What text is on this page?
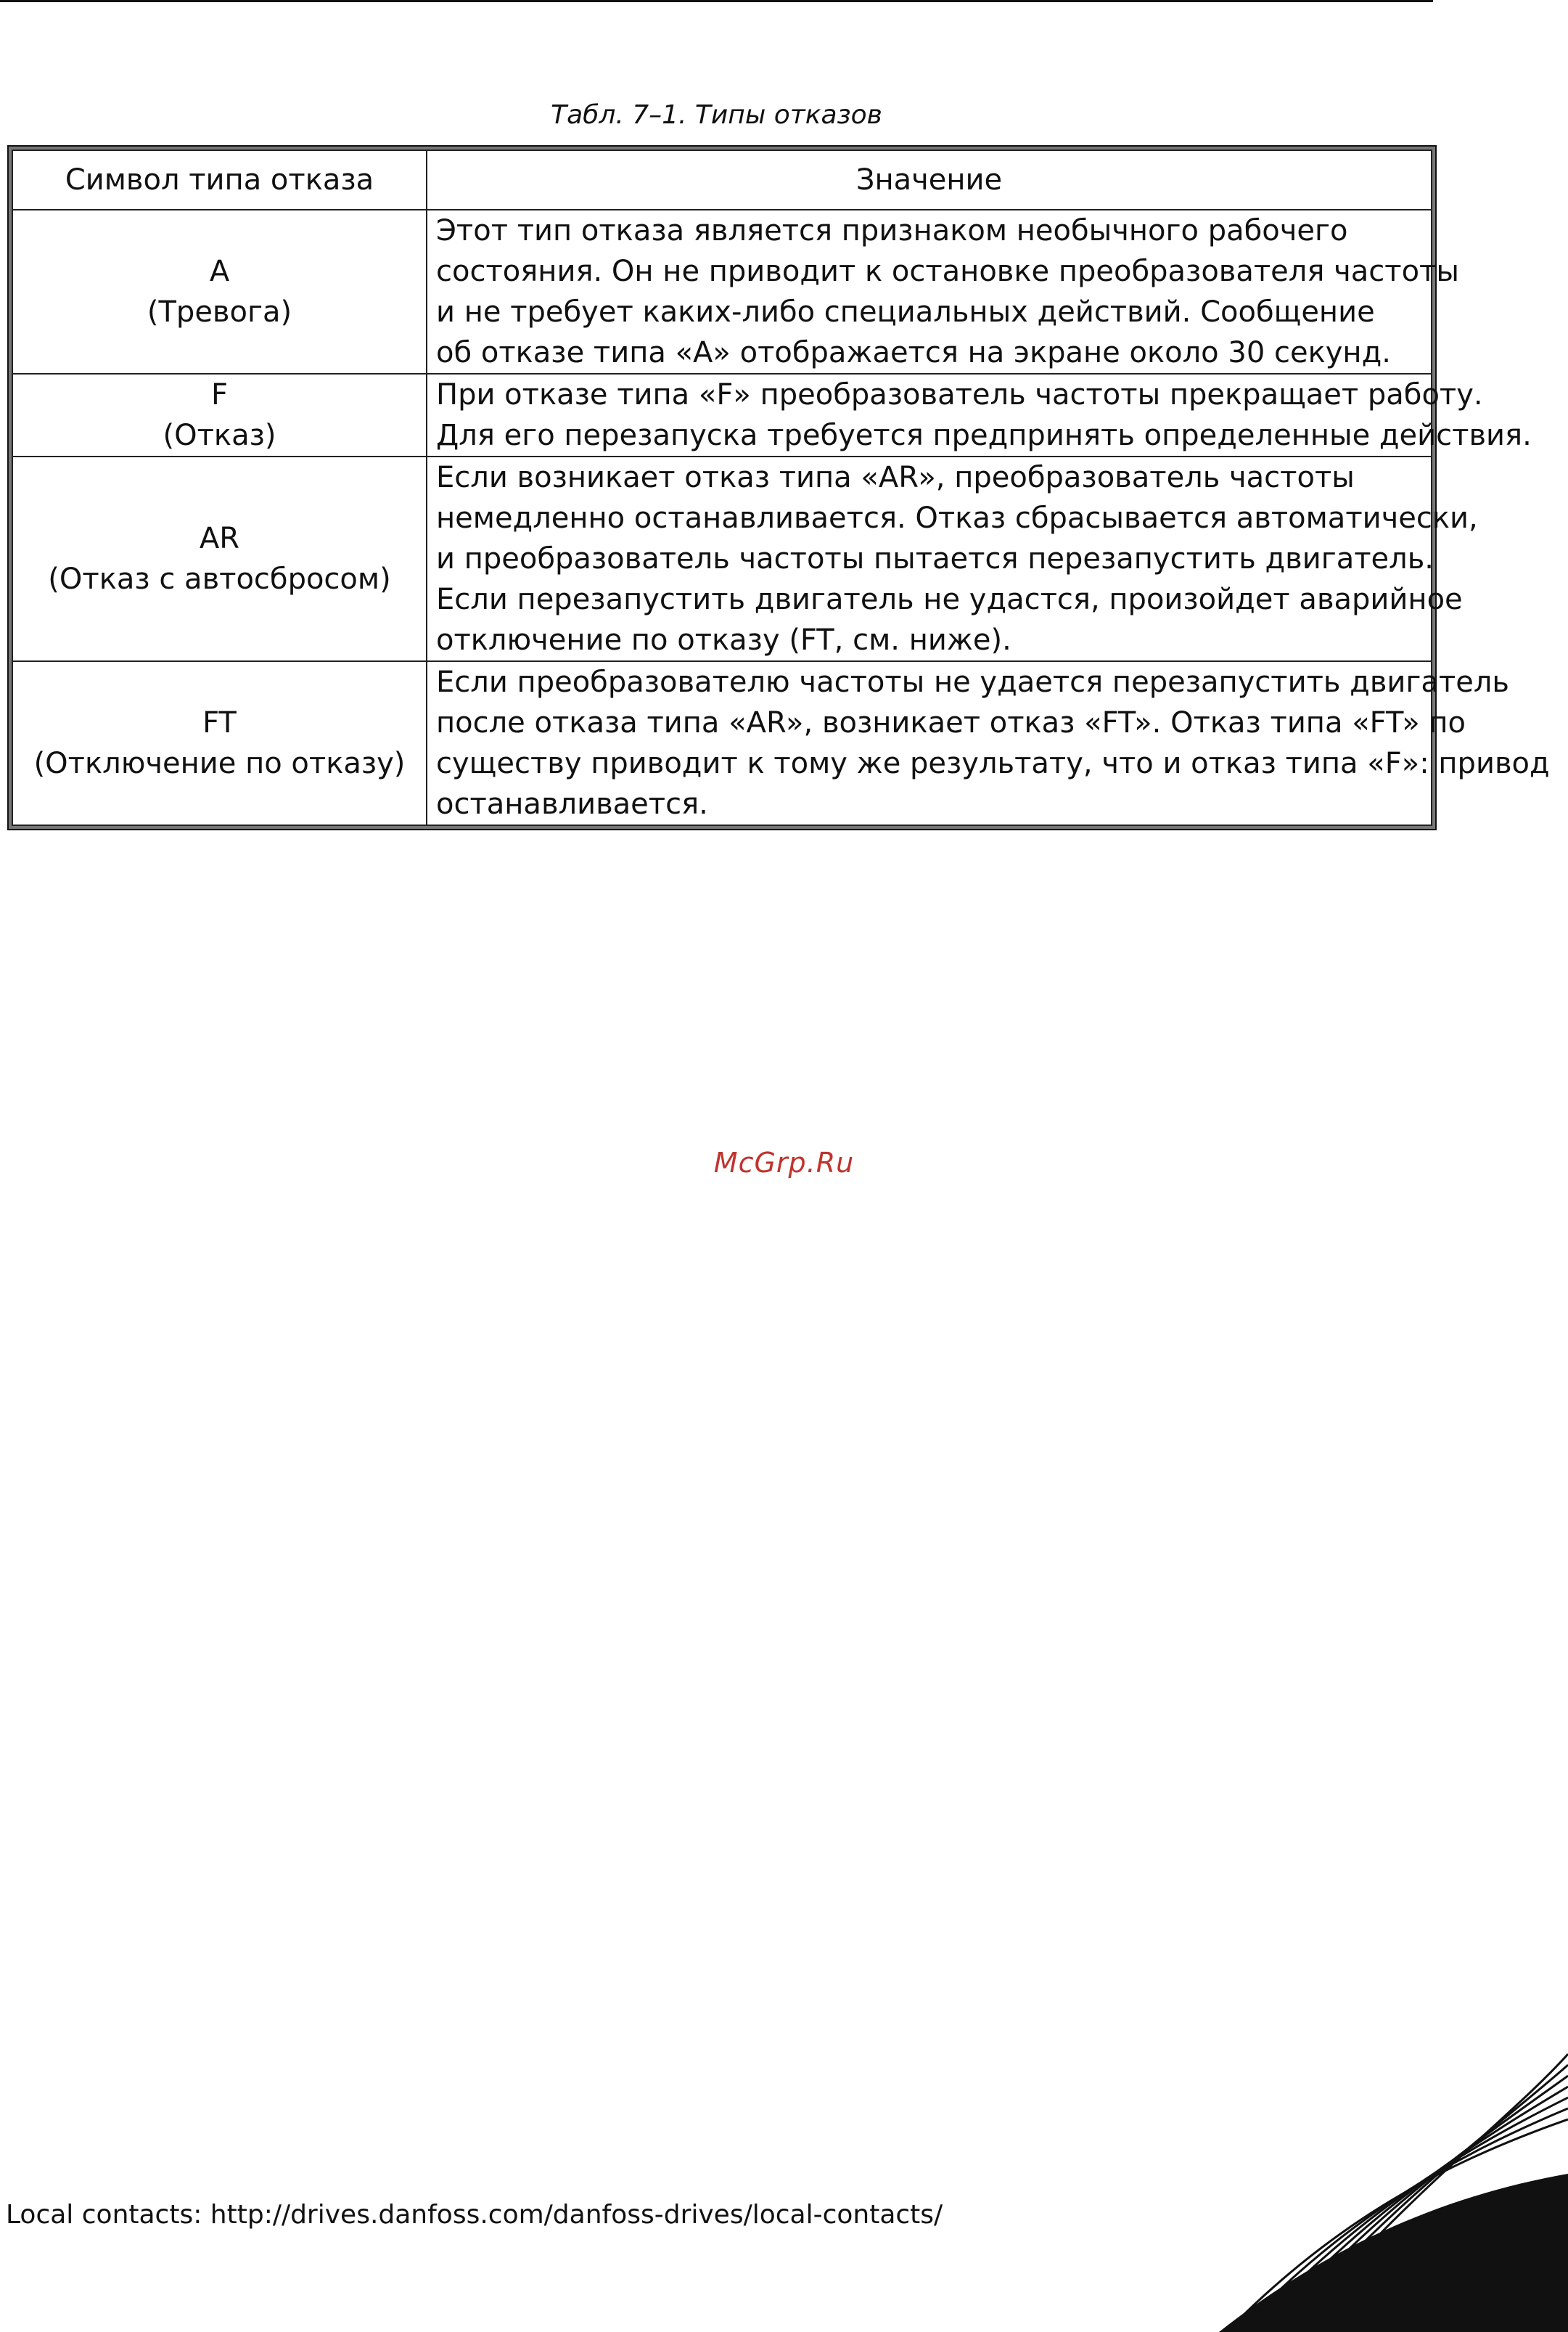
Табл. 7–1. Типы отказов
Символ типа отказа	Значение

A
(Тревога)	Этот тип отказа является признаком необычного рабочего
состояния. Он не приводит к остановке преобразователя частоты
и не требует каких-либо специальных действий. Сообщение
об отказе типа «A» отображается на экране около 30 секунд.

F
(Отказ)	При отказе типа «F» преобразователь частоты прекращает работу.
Для его перезапуска требуется предпринять определенные действия.

AR
(Отказ с автосбросом)	Если возникает отказ типа «AR», преобразователь частоты
немедленно останавливается. Отказ сбрасывается автоматически,
и преобразователь частоты пытается перезапустить двигатель.
Если перезапустить двигатель не удастся, произойдет аварийное
отключение по отказу (FT, см. ниже).

FT
(Отключение по отказу)	Если преобразователю частоты не удается перезапустить двигатель
после отказа типа «AR», возникает отказ «FT». Отказ типа «FT» по
существу приводит к тому же результату, что и отказ типа «F»: привод
останавливается.
McGrp.Ru
Local contacts: http://drives.danfoss.com/danfoss-drives/local-contacts/
